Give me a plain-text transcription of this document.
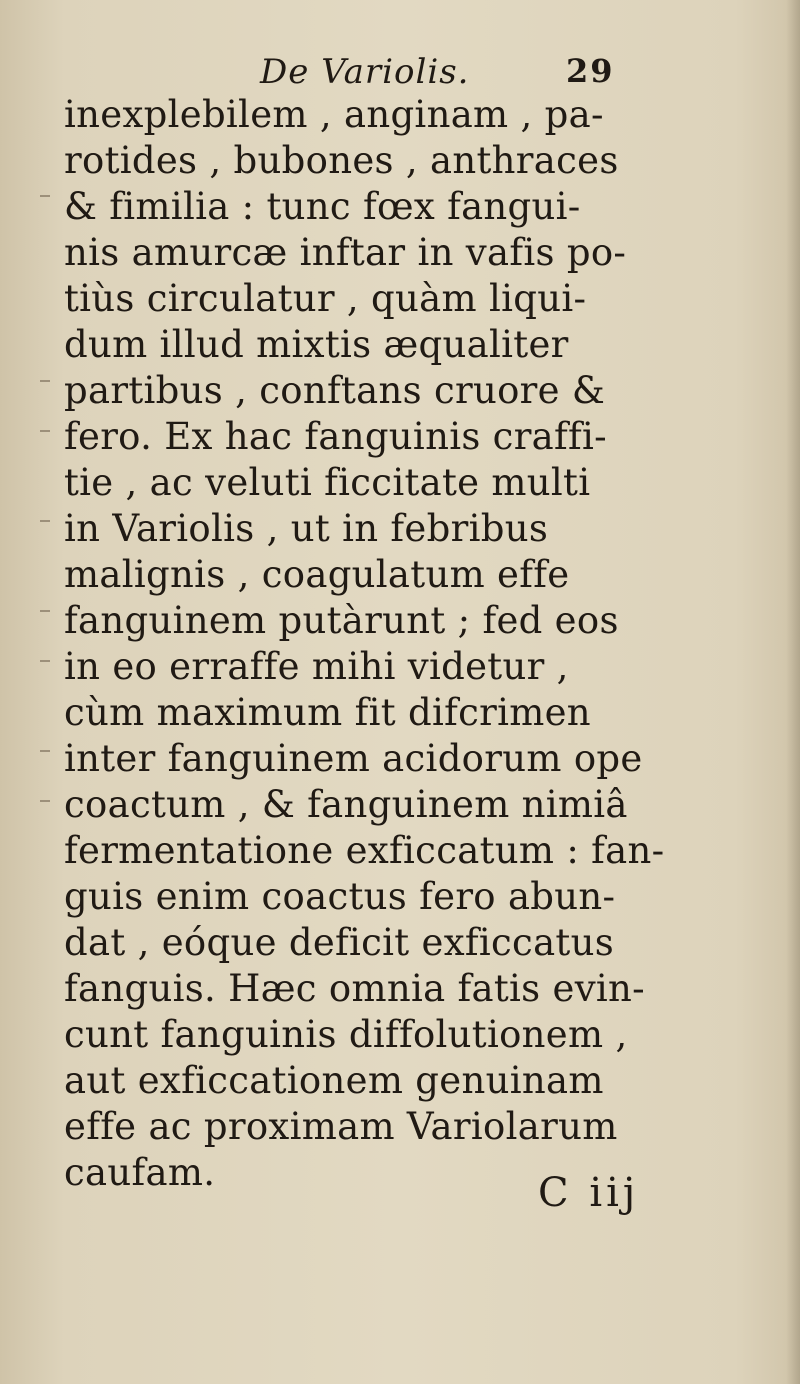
De Variolis.	29
inexplebilem , anginam , pa-
rotides , bubones , anthraces
& fimilia : tunc fœx fangui-
nis amurcæ inftar in vafis po-
tiùs circulatur , quàm liqui-
dum illud mixtis æqualiter
partibus , conftans cruore &
fero. Ex hac fanguinis craffi-
tie , ac veluti ficcitate multi
in Variolis , ut in febribus
malignis , coagulatum effe
fanguinem putàrunt ; fed eos
in eo erraffe mihi videtur ,
cùm maximum fit difcrimen
inter fanguinem acidorum ope
coactum , & fanguinem nimiâ
fermentatione exficcatum : fan-
guis enim coactus fero abun-
dat , eóque deficit exficcatus
fanguis. Hæc omnia fatis evin-
cunt fanguinis diffolutionem ,
aut exficcationem genuinam
effe ac proximam Variolarum
caufam.	C iij
